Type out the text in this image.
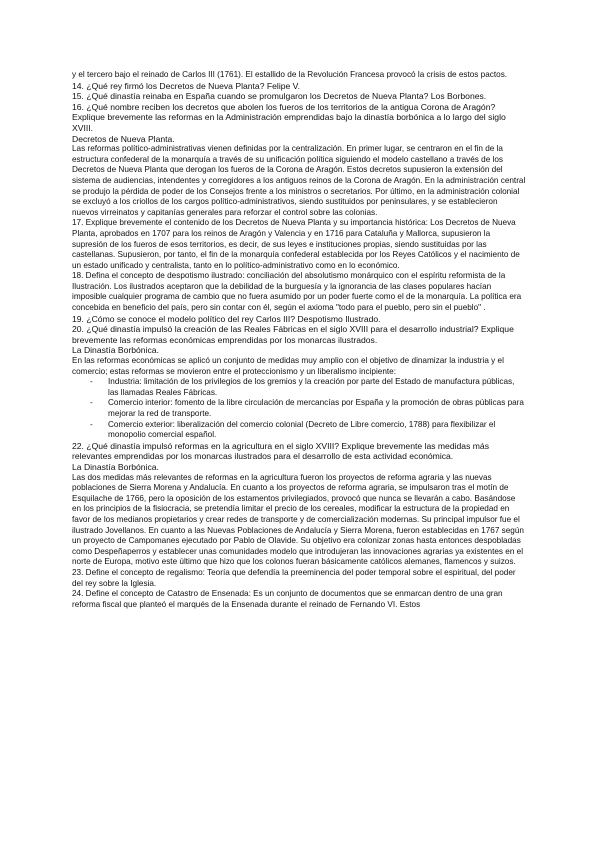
y el tercero bajo el reinado de Carlos III (1761). El estallido de la Revolución Francesa provocó la crisis de estos pactos.

14. ¿Qué rey firmó los Decretos de Nueva Planta? Felipe V.

15. ¿Qué dinastía reinaba en España cuando se promulgaron los Decretos de Nueva Planta? Los Borbones.

16. ¿Qué nombre reciben los decretos que abolen los fueros de los territorios de la antigua Corona de Aragón? Explique brevemente las reformas en la Administración emprendidas bajo la dinastía borbónica a lo largo del siglo XVIII.

Decretos de Nueva Planta.

Las reformas político-administrativas vienen definidas por la centralización. En primer lugar, se centraron en el fin de la estructura confederal de la monarquía a través de su unificación política siguiendo el modelo castellano a través de los Decretos de Nueva Planta que derogan los fueros de la Corona de Aragón. Estos decretos supusieron la extensión del sistema de audiencias, intendentes y corregidores a los antiguos reinos de la Corona de Aragón. En la administración central se produjo la pérdida de poder de los Consejos frente a los ministros o secretarios. Por último, en la administración colonial se excluyó a los criollos de los cargos político-administrativos, siendo sustituidos por peninsulares, y se establecieron nuevos virreinatos y capitanías generales para reforzar el control sobre las colonias.

17. Explique brevemente el contenido de los Decretos de Nueva Planta y su importancia histórica: Los Decretos de Nueva Planta, aprobados en 1707 para los reinos de Aragón y Valencia y en 1716 para Cataluña y Mallorca, supusieron la supresión de los fueros de esos territorios, es decir, de sus leyes e instituciones propias, siendo sustituidas por las castellanas. Supusieron, por tanto, el fin de la monarquía confederal establecida por los Reyes Católicos y el nacimiento de un estado unificado y centralista, tanto en lo político-administrativo como en lo económico.

18. Defina el concepto de despotismo ilustrado: conciliación del absolutismo monárquico con el espíritu reformista de la Ilustración. Los ilustrados aceptaron que la debilidad de la burguesía y la ignorancia de las clases populares hacían imposible cualquier programa de cambio que no fuera asumido por un poder fuerte como el de la monarquía. La política era concebida en beneficio del país, pero sin contar con él, según el axioma "todo para el pueblo, pero sin el pueblo" .

19. ¿Cómo se conoce el modelo político del rey Carlos III? Despotismo Ilustrado.

20. ¿Qué dinastía impulsó la creación de las Reales Fábricas en el siglo XVIII para el desarrollo industrial? Explique brevemente las reformas económicas emprendidas por los monarcas ilustrados.

La Dinastía Borbónica.

En las reformas económicas se aplicó un conjunto de medidas muy amplio con el objetivo de dinamizar la industria y el comercio; estas reformas se movieron entre el proteccionismo y un liberalismo incipiente:

- Industria: limitación de los privilegios de los gremios y la creación por parte del Estado de manufactura públicas, las llamadas Reales Fábricas.
- Comercio interior: fomento de la libre circulación de mercancías por España y la promoción de obras públicas para mejorar la red de transporte.
- Comercio exterior: liberalización del comercio colonial (Decreto de Libre comercio, 1788) para flexibilizar el monopolio comercial español.

22. ¿Qué dinastía impulsó reformas en la agricultura en el siglo XVIII? Explique brevemente las medidas más relevantes emprendidas por los monarcas ilustrados para el desarrollo de esta actividad económica.

La Dinastía Borbónica.

Las dos medidas más relevantes de reformas en la agricultura fueron los proyectos de reforma agraria y las nuevas poblaciones de Sierra Morena y Andalucía. En cuanto a los proyectos de reforma agraria, se impulsaron tras el motín de Esquilache de 1766, pero la oposición de los estamentos privilegiados, provocó que nunca se llevarán a cabo. Basándose en los principios de la fisiocracia, se pretendía limitar el precio de los cereales, modificar la estructura de la propiedad en favor de los medianos propietarios y crear redes de transporte y de comercialización modernas. Su principal impulsor fue el ilustrado Jovellanos. En cuanto a las Nuevas Poblaciones de Andalucía y Sierra Morena, fueron establecidas en 1767 según un proyecto de Campomanes ejecutado por Pablo de Olavide. Su objetivo era colonizar zonas hasta entonces despobladas como Despeñaperros y establecer unas comunidades modelo que introdujeran las innovaciones agrarias ya existentes en el norte de Europa, motivo este último que hizo que los colonos fueran básicamente católicos alemanes, flamencos y suizos.

23. Define el concepto de regalismo: Teoría que defendía la preeminencia del poder temporal sobre el espiritual, del poder del rey sobre la Iglesia.

24. Define el concepto de Catastro de Ensenada: Es un conjunto de documentos que se enmarcan dentro de una gran reforma fiscal que planteó el marqués de la Ensenada durante el reinado de Fernando VI. Estos
